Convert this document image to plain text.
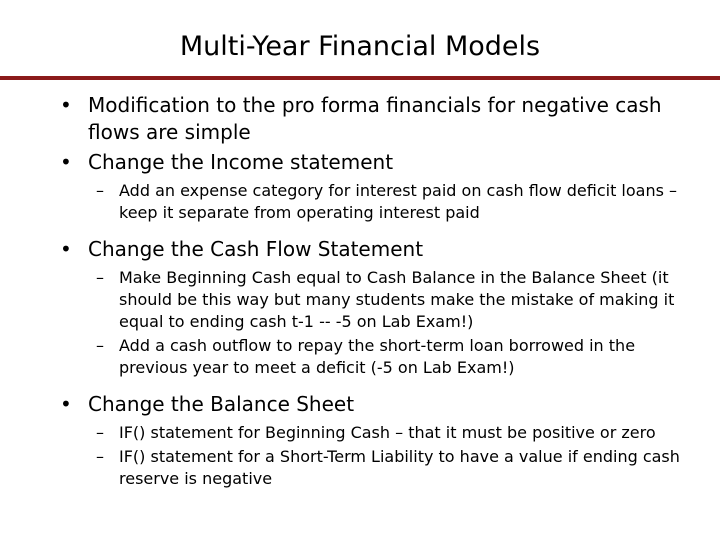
Multi-Year Financial Models
• Modification to the pro forma financials for negative cash flows are simple
• Change the Income statement
– Add an expense category for interest paid on cash flow deficit loans – keep it separate from operating interest paid
• Change the Cash Flow Statement
– Make Beginning Cash equal to Cash Balance in the Balance Sheet (it should be this way but many students make the mistake of making it equal to ending cash t-1 -- -5 on Lab Exam!)
– Add a cash outflow to repay the short-term loan borrowed in the previous year to meet a deficit (-5 on Lab Exam!)
• Change the Balance Sheet
– IF() statement for Beginning Cash – that it must be positive or zero
– IF() statement for a Short-Term Liability to have a value if ending cash reserve is negative
